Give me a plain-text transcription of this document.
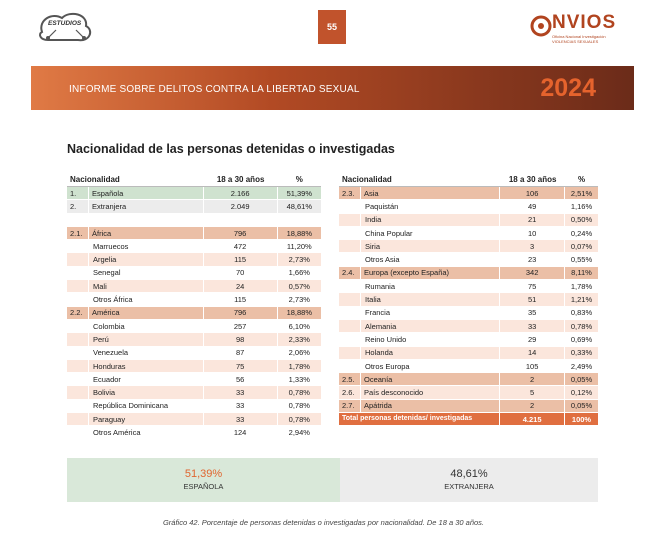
ESTUDIOS	55	NVIOS
Oficina Nacional Investigación VIOLENCIAS SEXUALES
INFORME SOBRE DELITOS CONTRA LA LIBERTAD SEXUAL	2024
Nacionalidad de las personas detenidas o investigadas
Nacionalidad		18 a 30 años	%
1.	Española	2.166	51,39%
2.	Extranjera	2.049	48,61%

2.1.	África	796	18,88%
	Marruecos	472	11,20%
	Argelia	115	2,73%
	Senegal	70	1,66%
	Mali	24	0,57%
	Otros África	115	2,73%
2.2.	América	796	18,88%
	Colombia	257	6,10%
	Perú	98	2,33%
	Venezuela	87	2,06%
	Honduras	75	1,78%
	Ecuador	56	1,33%
	Bolivia	33	0,78%
	República Dominicana	33	0,78%
	Paraguay	33	0,78%
	Otros América	124	2,94%
Nacionalidad		18 a 30 años	%
2.3.	Asia	106	2,51%
	Paquistán	49	1,16%
	India	21	0,50%
	China Popular	10	0,24%
	Siria	3	0,07%
	Otros Asia	23	0,55%
2.4.	Europa (excepto España)	342	8,11%
	Rumania	75	1,78%
	Italia	51	1,21%
	Francia	35	0,83%
	Alemania	33	0,78%
	Reino Unido	29	0,69%
	Holanda	14	0,33%
	Otros Europa	105	2,49%
2.5.	Oceanía	2	0,05%
2.6.	País desconocido	5	0,12%
2.7.	Apátrida	2	0,05%
Total personas detenidas/ investigadas		4.215	100%
51,39%
ESPAÑOLA
48,61%
EXTRANJERA
Gráfico 42. Porcentaje de personas detenidas o investigadas por nacionalidad. De 18 a 30 años.
